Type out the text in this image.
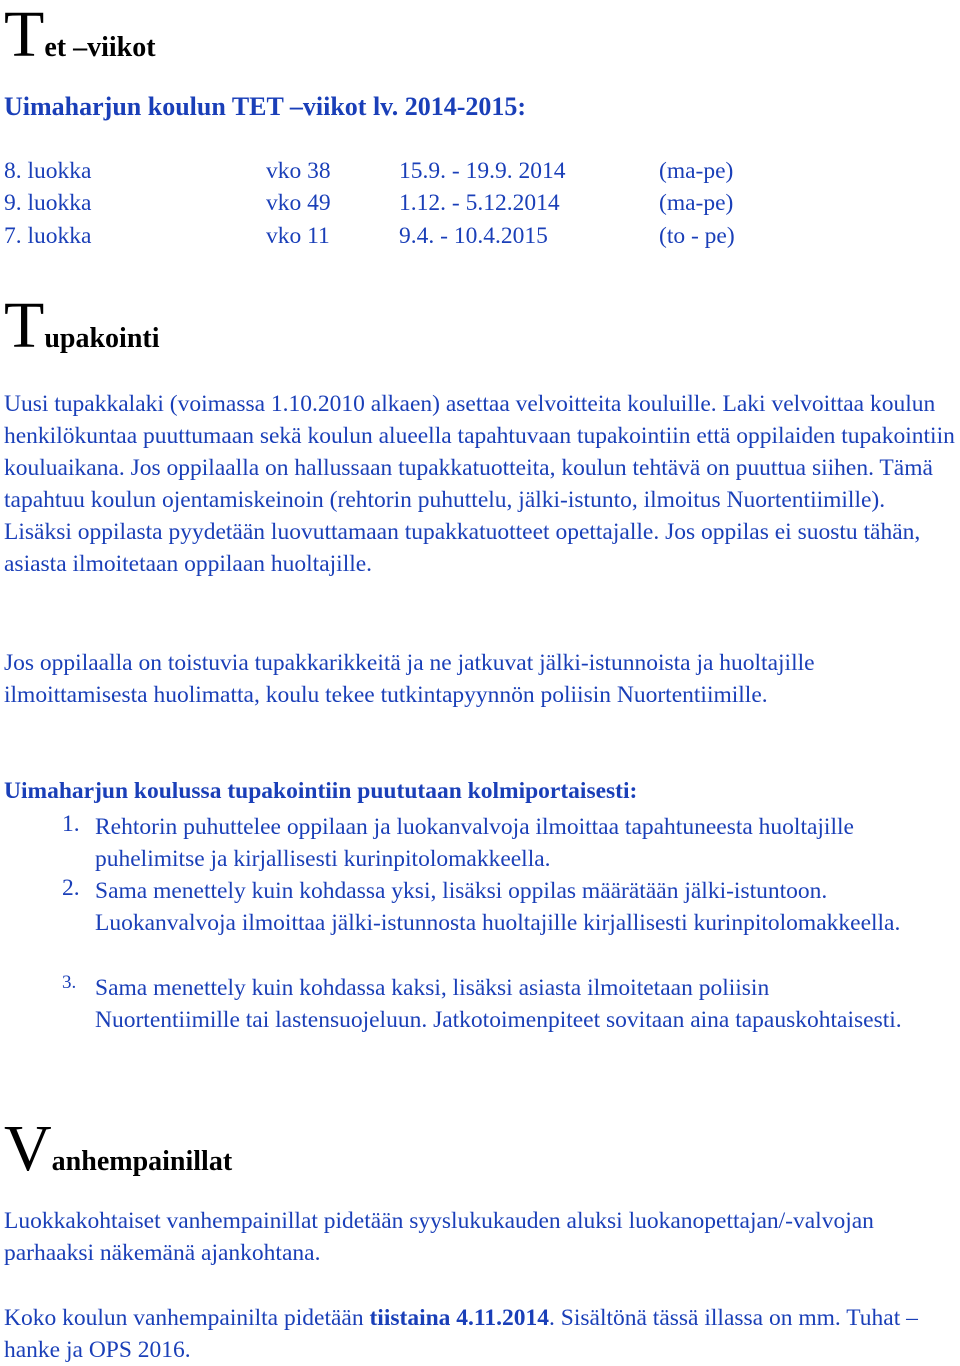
Tet –viikot
Uimaharjun koulun TET –viikot lv. 2014-2015:
8. luokka	vko 38	15.9. - 19.9. 2014	(ma-pe)
9. luokka	vko 49	1.12. - 5.12.2014	(ma-pe)
7. luokka	vko 11	9.4. - 10.4.2015	(to - pe)
Tupakointi
Uusi tupakkalaki (voimassa 1.10.2010 alkaen) asettaa velvoitteita kouluille. Laki velvoittaa koulun henkilökuntaa puuttumaan sekä koulun alueella tapahtuvaan tupakointiin että oppilaiden tupakointiin kouluaikana. Jos oppilaalla on hallussaan tupakkatuotteita, koulun tehtävä on puuttua siihen. Tämä tapahtuu koulun ojentamiskeinoin (rehtorin puhuttelu, jälki-istunto, ilmoitus Nuortentiimille). Lisäksi oppilasta pyydetään luovuttamaan tupakkatuotteet opettajalle. Jos oppilas ei suostu tähän, asiasta ilmoitetaan oppilaan huoltajille.
Jos oppilaalla on toistuvia tupakkarikkeitä ja ne jatkuvat jälki-istunnoista ja huoltajille ilmoittamisesta huolimatta, koulu tekee tutkintapyynnön poliisin Nuortentiimille.
Uimaharjun koulussa tupakointiin puututaan kolmiportaisesti:
1. Rehtorin puhuttelee oppilaan ja luokanvalvoja ilmoittaa tapahtuneesta huoltajille puhelimitse ja kirjallisesti kurinpitolomakkeella.
2. Sama menettely kuin kohdassa yksi, lisäksi oppilas määrätään jälki-istuntoon. Luokanvalvoja ilmoittaa jälki-istunnosta huoltajille kirjallisesti kurinpitolomakkeella.
3. Sama menettely kuin kohdassa kaksi, lisäksi asiasta ilmoitetaan poliisin Nuortentiimille tai lastensuojeluun. Jatkotoimenpiteet sovitaan aina tapauskohtaisesti.
Vanhempainillat
Luokkakohtaiset vanhempainillat pidetään syyslukukauden aluksi luokanopettajan/-valvojan parhaaksi näkemänä ajankohtana.
Koko koulun vanhempainilta pidetään tiistaina 4.11.2014. Sisältönä tässä illassa on mm. Tuhat –hanke ja OPS 2016.
